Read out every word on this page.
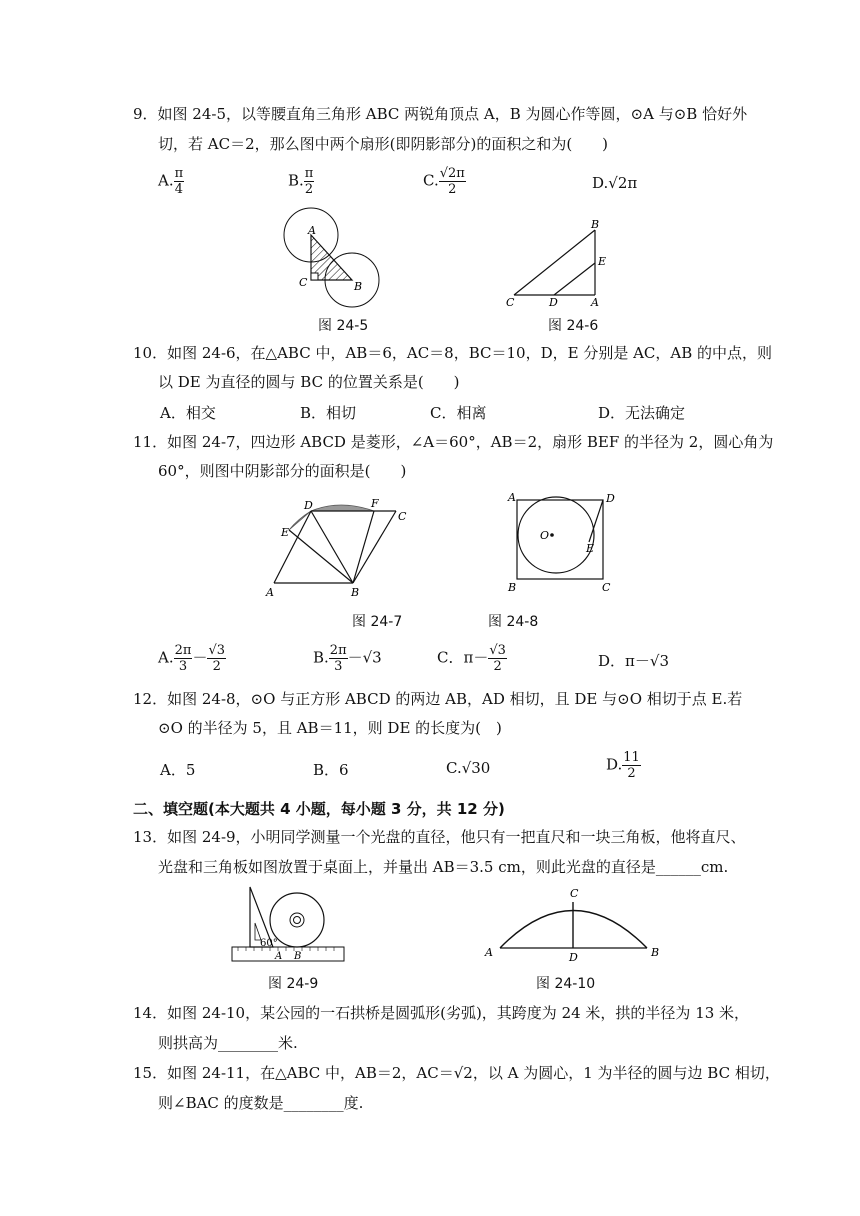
9．如图 24-5，以等腰直角三角形 ABC 两锐角顶点 A，B 为圆心作等圆，⊙A 与⊙B 恰好外
切，若 AC＝2，那么图中两个扇形(即阴影部分)的面积之和为(　　)
A. $\frac{\pi}{4}$	B. $\frac{\pi}{2}$	C. $\frac{√2\pi}{2}$	D.√2π
A
C	B
图 24-5
B
E
C	D	A
图 24-6
10．如图 24-6，在△ABC 中，AB＝6，AC＝8，BC＝10，D，E 分别是 AC，AB 的中点，则
以 DE 为直径的圆与 BC 的位置关系是(　　)
A．相交	B．相切	C．相离	D．无法确定
11．如图 24-7，四边形 ABCD 是菱形，∠A＝60°，AB＝2，扇形 BEF 的半径为 2，圆心角为
60°，则图中阴影部分的面积是(　　)
D	F
C
E
A	B
图 24-7
A	D
O
E
B	C
图 24-8
A. $\frac{2\pi}{3} - \frac{√3}{2}$	B. $\frac{2\pi}{3} -√3$	C．$\pi- \frac{√3}{2}$	D．π－√3
12．如图 24-8，⊙O 与正方形 ABCD 的两边 AB，AD 相切，且 DE 与⊙O 相切于点 E.若
⊙O 的半径为 5，且 AB＝11，则 DE 的长度为(　)
A．5	B．6	C.√30	D. $\frac{11}{2}$
二、填空题(本大题共 4 小题，每小题 3 分，共 12 分)
13．如图 24-9，小明同学测量一个光盘的直径，他只有一把直尺和一块三角板，他将直尺、
光盘和三角板如图放置于桌面上，并量出 AB＝3.5 cm，则此光盘的直径是______cm.
60°
A B
图 24-9
C
A	B
D
图 24-10
14．如图 24-10，某公园的一石拱桥是圆弧形(劣弧)，其跨度为 24 米，拱的半径为 13 米，
则拱高为________米.
15．如图 24-11，在△ABC 中，AB＝2，AC＝√2，以 A 为圆心，1 为半径的圆与边 BC 相切，
则∠BAC 的度数是________度.
